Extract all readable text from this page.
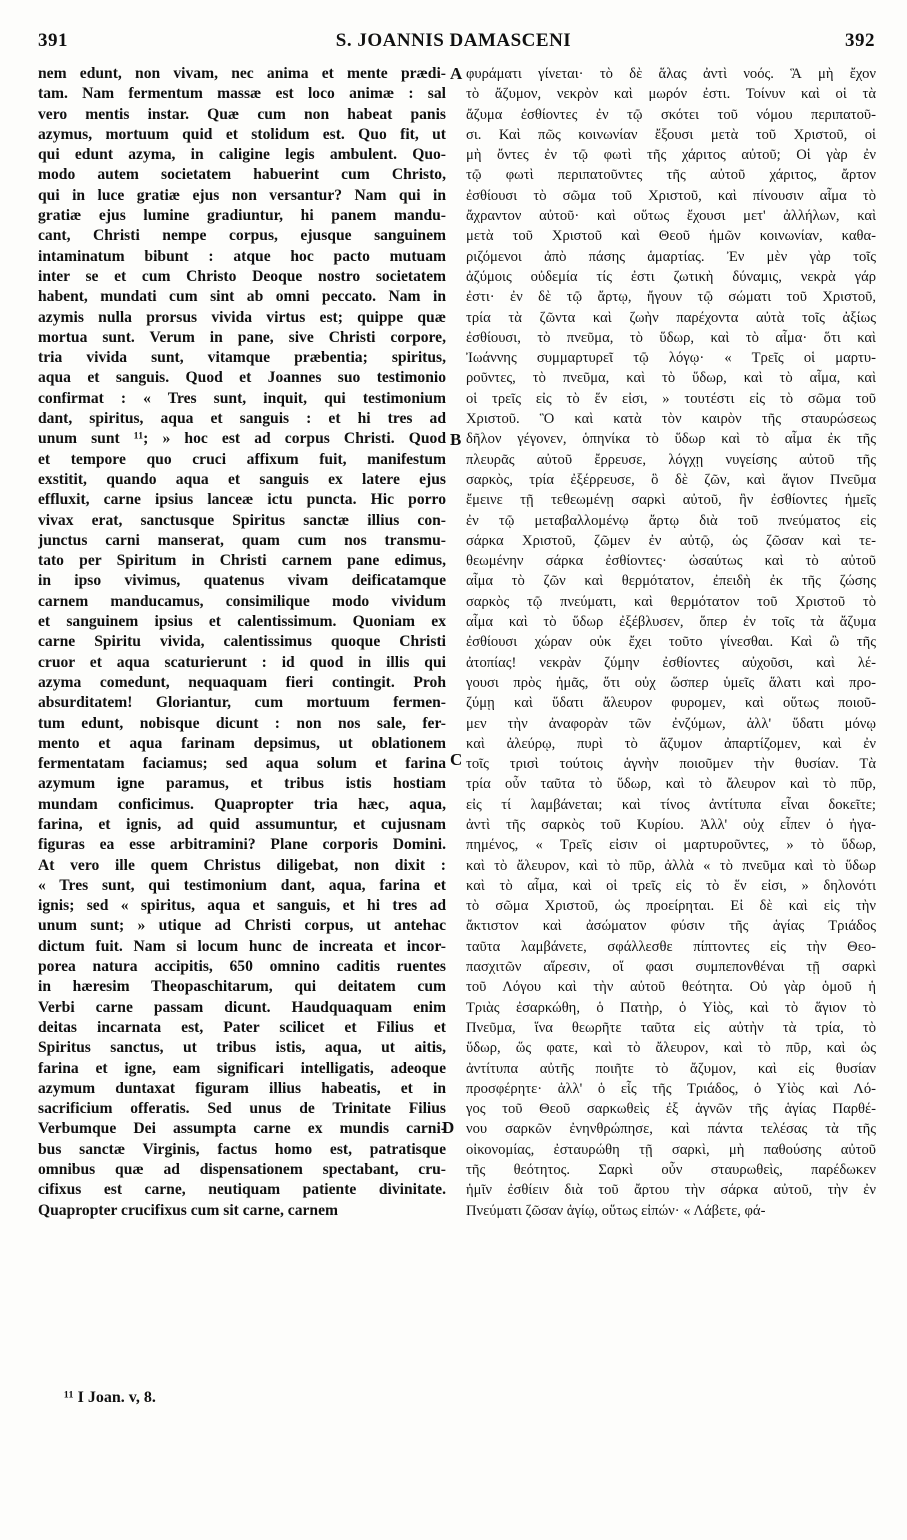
S. JOANNIS DAMASCENI
391	392
nem edunt, non vivam, nec anima et mente prædi-
tam. Nam fermentum massæ est loco animæ : sal
vero mentis instar. Quæ cum non habeat panis
azymus, mortuum quid et stolidum est. Quo fit, ut
qui edunt azyma, in caligine legis ambulent. Quo-
modo autem societatem habuerint cum Christo,
qui in luce gratiæ ejus non versantur? Nam qui in
gratiæ ejus lumine gradiuntur, hi panem mandu-
cant, Christi nempe corpus, ejusque sanguinem
intaminatum bibunt : atque hoc pacto mutuam
inter se et cum Christo Deoque nostro societatem
habent, mundati cum sint ab omni peccato. Nam in
azymis nulla prorsus vivida virtus est; quippe quæ
mortua sunt. Verum in pane, sive Christi corpore,
tria vivida sunt, vitamque præbentia; spiritus,
aqua et sanguis. Quod et Joannes suo testimonio
confirmat : « Tres sunt, inquit, qui testimonium
dant, spiritus, aqua et sanguis : et hi tres ad
unum sunt ¹¹; » hoc est ad corpus Christi. Quod
et tempore quo cruci affixum fuit, manifestum
exstitit, quando aqua et sanguis ex latere ejus
effluxit, carne ipsius lanceæ ictu puncta. Hic porro
vivax erat, sanctusque Spiritus sanctæ illius con-
junctus carni manserat, quam cum nos transmu-
tato per Spiritum in Christi carnem pane edimus,
in ipso vivimus, quatenus vivam deificatamque
carnem manducamus, consimilique modo vividum
et sanguinem ipsius et calentissimum. Quoniam ex
carne Spiritu vivida, calentissimus quoque Christi
cruor et aqua scaturierunt : id quod in illis qui
azyma comedunt, nequaquam fieri contingit. Proh
absurditatem! Gloriantur, cum mortuum fermen-
tum edunt, nobisque dicunt : non nos sale, fer-
mento et aqua farinam depsimus, ut oblationem
fermentatam faciamus; sed aqua solum et farina
azymum igne paramus, et tribus istis hostiam
mundam conficimus. Quapropter tria hæc, aqua,
farina, et ignis, ad quid assumuntur, et cujusnam
figuras ea esse arbitramini? Plane corporis Domini.
At vero ille quem Christus diligebat, non dixit :
« Tres sunt, qui testimonium dant, aqua, farina et
ignis; sed « spiritus, aqua et sanguis, et hi tres ad
unum sunt; » utique ad Christi corpus, ut antehac
dictum fuit. Nam si locum hunc de increata et incor-
porea natura accipitis, 650 omnino caditis ruentes
in hæresim Theopaschitarum, qui deitatem cum
Verbi carne passam dicunt. Haudquaquam enim
deitas incarnata est, Pater scilicet et Filius et
Spiritus sanctus, ut tribus istis, aqua, ut aitis,
farina et igne, eam significari intelligatis, adeoque
azymum duntaxat figuram illius habeatis, et in
sacrificium offeratis. Sed unus de Trinitate Filius
Verbumque Dei assumpta carne ex mundis carni-
bus sanctæ Virginis, factus homo est, patratisque
omnibus quæ ad dispensationem spectabant, cru-
cifixus est carne, neutiquam patiente divinitate.
Quapropter crucifixus cum sit carne, carnem
φυράματι γίνεται· τὸ δὲ ἅλας ἀντὶ νοός. Ἃ μὴ ἔχον
τὸ ἄζυμον, νεκρὸν καὶ μωρόν ἐστι. Τοίνυν καὶ οἱ τὰ
ἄζυμα ἐσθίοντες ἐν τῷ σκότει τοῦ νόμου περιπατοῦ-
σι. Καὶ πῶς κοινωνίαν ἔξουσι μετὰ τοῦ Χριστοῦ, οἱ
μὴ ὄντες ἐν τῷ φωτὶ τῆς χάριτος αὐτοῦ; Οἱ γὰρ ἐν
τῷ φωτὶ περιπατοῦντες τῆς αὐτοῦ χάριτος, ἄρτον
ἐσθίουσι τὸ σῶμα τοῦ Χριστοῦ, καὶ πίνουσιν αἷμα τὸ
ἄχραντον αὐτοῦ· καὶ οὕτως ἔχουσι μετ' ἀλλήλων, καὶ
μετὰ τοῦ Χριστοῦ καὶ Θεοῦ ἡμῶν κοινωνίαν, καθα-
ριζόμενοι ἀπὸ πάσης ἁμαρτίας. Ἐν μὲν γὰρ τοῖς
ἀζύμοις οὐδεμία τίς ἐστι ζωτικὴ δύναμις, νεκρὰ γάρ
ἐστι· ἐν δὲ τῷ ἄρτῳ, ἤγουν τῷ σώματι τοῦ Χριστοῦ,
τρία τὰ ζῶντα καὶ ζωὴν παρέχοντα αὐτὰ τοῖς ἀξίως
ἐσθίουσι, τὸ πνεῦμα, τὸ ὕδωρ, καὶ τὸ αἷμα· ὅτι καὶ
Ἰωάννης συμμαρτυρεῖ τῷ λόγῳ· « Τρεῖς οἱ μαρτυ-
ροῦντες, τὸ πνεῦμα, καὶ τὸ ὕδωρ, καὶ τὸ αἷμα, καὶ
οἱ τρεῖς εἰς τὸ ἕν εἰσι, » τουτέστι εἰς τὸ σῶμα τοῦ
Χριστοῦ. Ὃ καὶ κατὰ τὸν καιρὸν τῆς σταυρώσεως
δῆλον γέγονεν, ὁπηνίκα τὸ ὕδωρ καὶ τὸ αἷμα ἐκ τῆς
πλευρᾶς αὐτοῦ ἔρρευσε, λόγχῃ νυγείσης αὐτοῦ τῆς
σαρκὸς, τρία ἐξέρρευσε, ὃ δὲ ζῶν, καὶ ἅγιον Πνεῦμα
ἔμεινε τῇ τεθεωμένῃ σαρκὶ αὐτοῦ, ἣν ἐσθίοντες ἡμεῖς
ἐν τῷ μεταβαλλομένῳ ἄρτῳ διὰ τοῦ πνεύματος εἰς
σάρκα Χριστοῦ, ζῶμεν ἐν αὐτῷ, ὡς ζῶσαν καὶ τε-
θεωμένην σάρκα ἐσθίοντες· ὡσαύτως καὶ τὸ αὐτοῦ
αἷμα τὸ ζῶν καὶ θερμότατον, ἐπειδὴ ἐκ τῆς ζώσης
σαρκὸς τῷ πνεύματι, καὶ θερμότατον τοῦ Χριστοῦ τὸ
αἷμα καὶ τὸ ὕδωρ ἐξέβλυσεν, ὅπερ ἐν τοῖς τὰ ἄζυμα
ἐσθίουσι χώραν οὐκ ἔχει τοῦτο γίνεσθαι. Καὶ ὢ τῆς
ἀτοπίας! νεκρὰν ζύμην ἐσθίοντες αὐχοῦσι, καὶ λέ-
γουσι πρὸς ἡμᾶς, ὅτι οὐχ ὥσπερ ὑμεῖς ἅλατι καὶ προ-
ζύμῃ καὶ ὕδατι ἄλευρον φυρομεν, καὶ οὕτως ποιοῦ-
μεν τὴν ἀναφορὰν τῶν ἐνζύμων, ἀλλ' ὕδατι μόνῳ
καὶ ἀλεύρῳ, πυρὶ τὸ ἄζυμον ἀπαρτίζομεν, καὶ ἐν
τοῖς τρισὶ τούτοις ἁγνὴν ποιοῦμεν τὴν θυσίαν. Τὰ
τρία οὖν ταῦτα τὸ ὕδωρ, καὶ τὸ ἄλευρον καὶ τὸ πῦρ,
εἰς τί λαμβάνεται; καὶ τίνος ἀντίτυπα εἶναι δοκεῖτε;
ἀντὶ τῆς σαρκὸς τοῦ Κυρίου. Ἀλλ' οὐχ εἶπεν ὁ ἠγα-
πημένος, « Τρεῖς εἰσιν οἱ μαρτυροῦντες, » τὸ ὕδωρ,
καὶ τὸ ἄλευρον, καὶ τὸ πῦρ, ἀλλὰ « τὸ πνεῦμα καὶ τὸ ὕδωρ
καὶ τὸ αἷμα, καὶ οἱ τρεῖς εἰς τὸ ἕν εἰσι, » δηλονότι
τὸ σῶμα Χριστοῦ, ὡς προείρηται. Εἰ δὲ καὶ εἰς τὴν
ἄκτιστον καὶ ἀσώματον φύσιν τῆς ἁγίας Τριάδος
ταῦτα λαμβάνετε, σφάλλεσθε πίπτοντες εἰς τὴν Θεο-
πασχιτῶν αἵρεσιν, οἵ φασι συμπεπονθέναι τῇ σαρκὶ
τοῦ Λόγου καὶ τὴν αὐτοῦ θεότητα. Οὐ γὰρ ὁμοῦ ἡ
Τριὰς ἐσαρκώθη, ὁ Πατὴρ, ὁ Υἱὸς, καὶ τὸ ἅγιον τὸ
Πνεῦμα, ἵνα θεωρῆτε ταῦτα εἰς αὐτὴν τὰ τρία, τὸ
ὕδωρ, ὥς φατε, καὶ τὸ ἄλευρον, καὶ τὸ πῦρ, καὶ ὡς
ἀντίτυπα αὐτῆς ποιῆτε τὸ ἄζυμον, καὶ εἰς θυσίαν
προσφέρητε· ἀλλ' ὁ εἷς τῆς Τριάδος, ὁ Υἱὸς καὶ Λό-
γος τοῦ Θεοῦ σαρκωθεὶς ἐξ ἁγνῶν τῆς ἁγίας Παρθέ-
νου σαρκῶν ἐνηνθρώπησε, καὶ πάντα τελέσας τὰ τῆς
οἰκονομίας, ἐσταυρώθη τῇ σαρκὶ, μὴ παθούσης αὐτοῦ
τῆς θεότητος. Σαρκὶ οὖν σταυρωθεὶς, παρέδωκεν
ἡμῖν ἐσθίειν διὰ τοῦ ἄρτου τὴν σάρκα αὐτοῦ, τὴν ἐν
Πνεύματι ζῶσαν ἁγίῳ, οὕτως εἰπών· « Λάβετε, φά-
A
B
C
D
¹¹ I Joan. v, 8.
